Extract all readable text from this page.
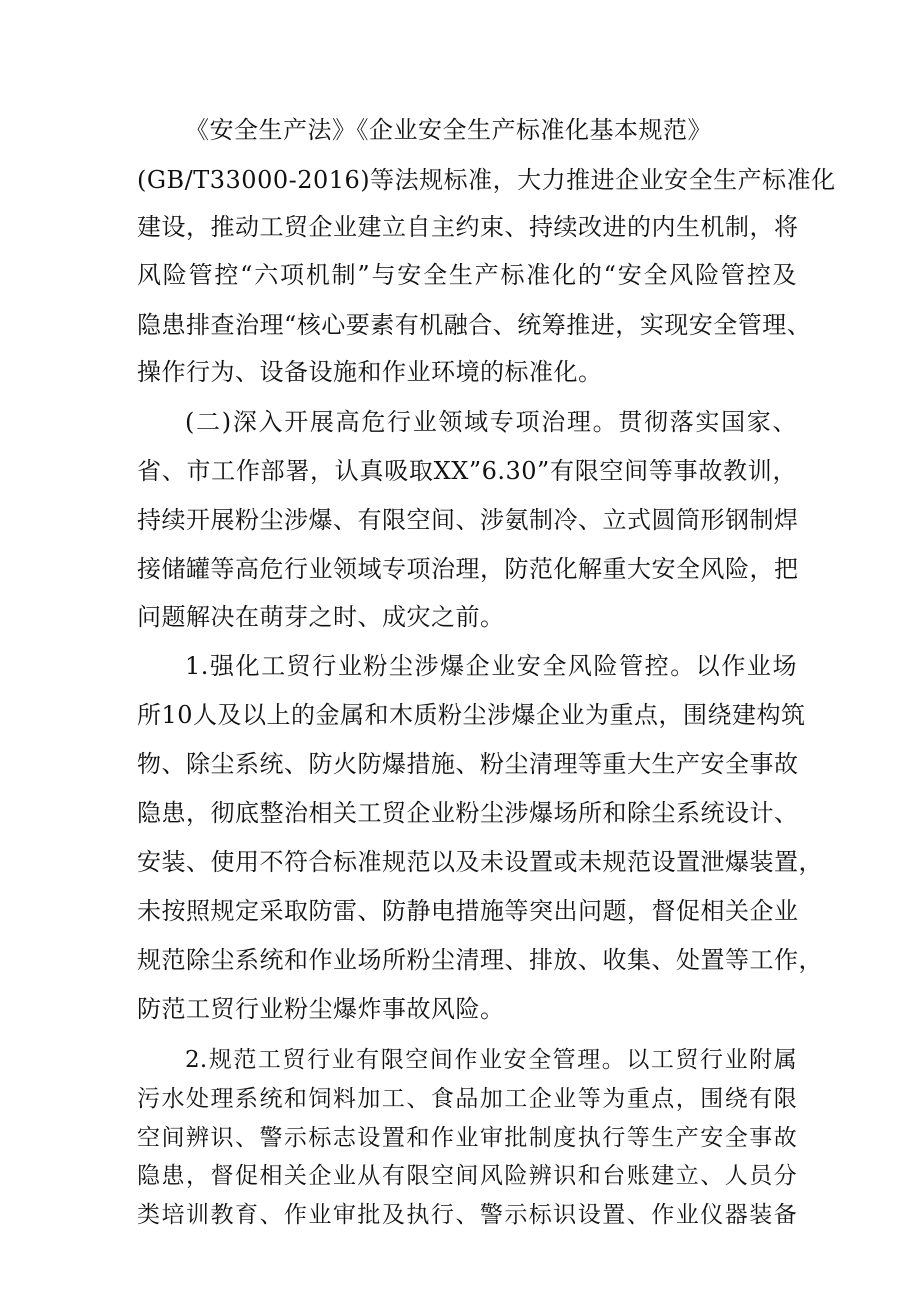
《安全生产法》《企业安全生产标准化基本规范》
(GB/T33000-2016)等法规标准，大力推进企业安全生产标准化
建设，推动工贸企业建立自主约束、持续改进的内生机制，将
风险管控“六项机制”与安全生产标准化的“安全风险管控及
隐患排查治理“核心要素有机融合、统筹推进，实现安全管理、
操作行为、设备设施和作业环境的标准化。
(二)深入开展高危行业领域专项治理。贯彻落实国家、
省、市工作部署，认真吸取XX”6.30”有限空间等事故教训，
持续开展粉尘涉爆、有限空间、涉氨制冷、立式圆筒形钢制焊
接储罐等高危行业领域专项治理，防范化解重大安全风险，把
问题解决在萌芽之时、成灾之前。
1.强化工贸行业粉尘涉爆企业安全风险管控。以作业场
所10人及以上的金属和木质粉尘涉爆企业为重点，围绕建构筑
物、除尘系统、防火防爆措施、粉尘清理等重大生产安全事故
隐患，彻底整治相关工贸企业粉尘涉爆场所和除尘系统设计、
安装、使用不符合标准规范以及未设置或未规范设置泄爆装置，
未按照规定采取防雷、防静电措施等突出问题，督促相关企业
规范除尘系统和作业场所粉尘清理、排放、收集、处置等工作，
防范工贸行业粉尘爆炸事故风险。
2.规范工贸行业有限空间作业安全管理。以工贸行业附属
污水处理系统和饲料加工、食品加工企业等为重点，围绕有限
空间辨识、警示标志设置和作业审批制度执行等生产安全事故
隐患，督促相关企业从有限空间风险辨识和台账建立、人员分
类培训教育、作业审批及执行、警示标识设置、作业仪器装备
